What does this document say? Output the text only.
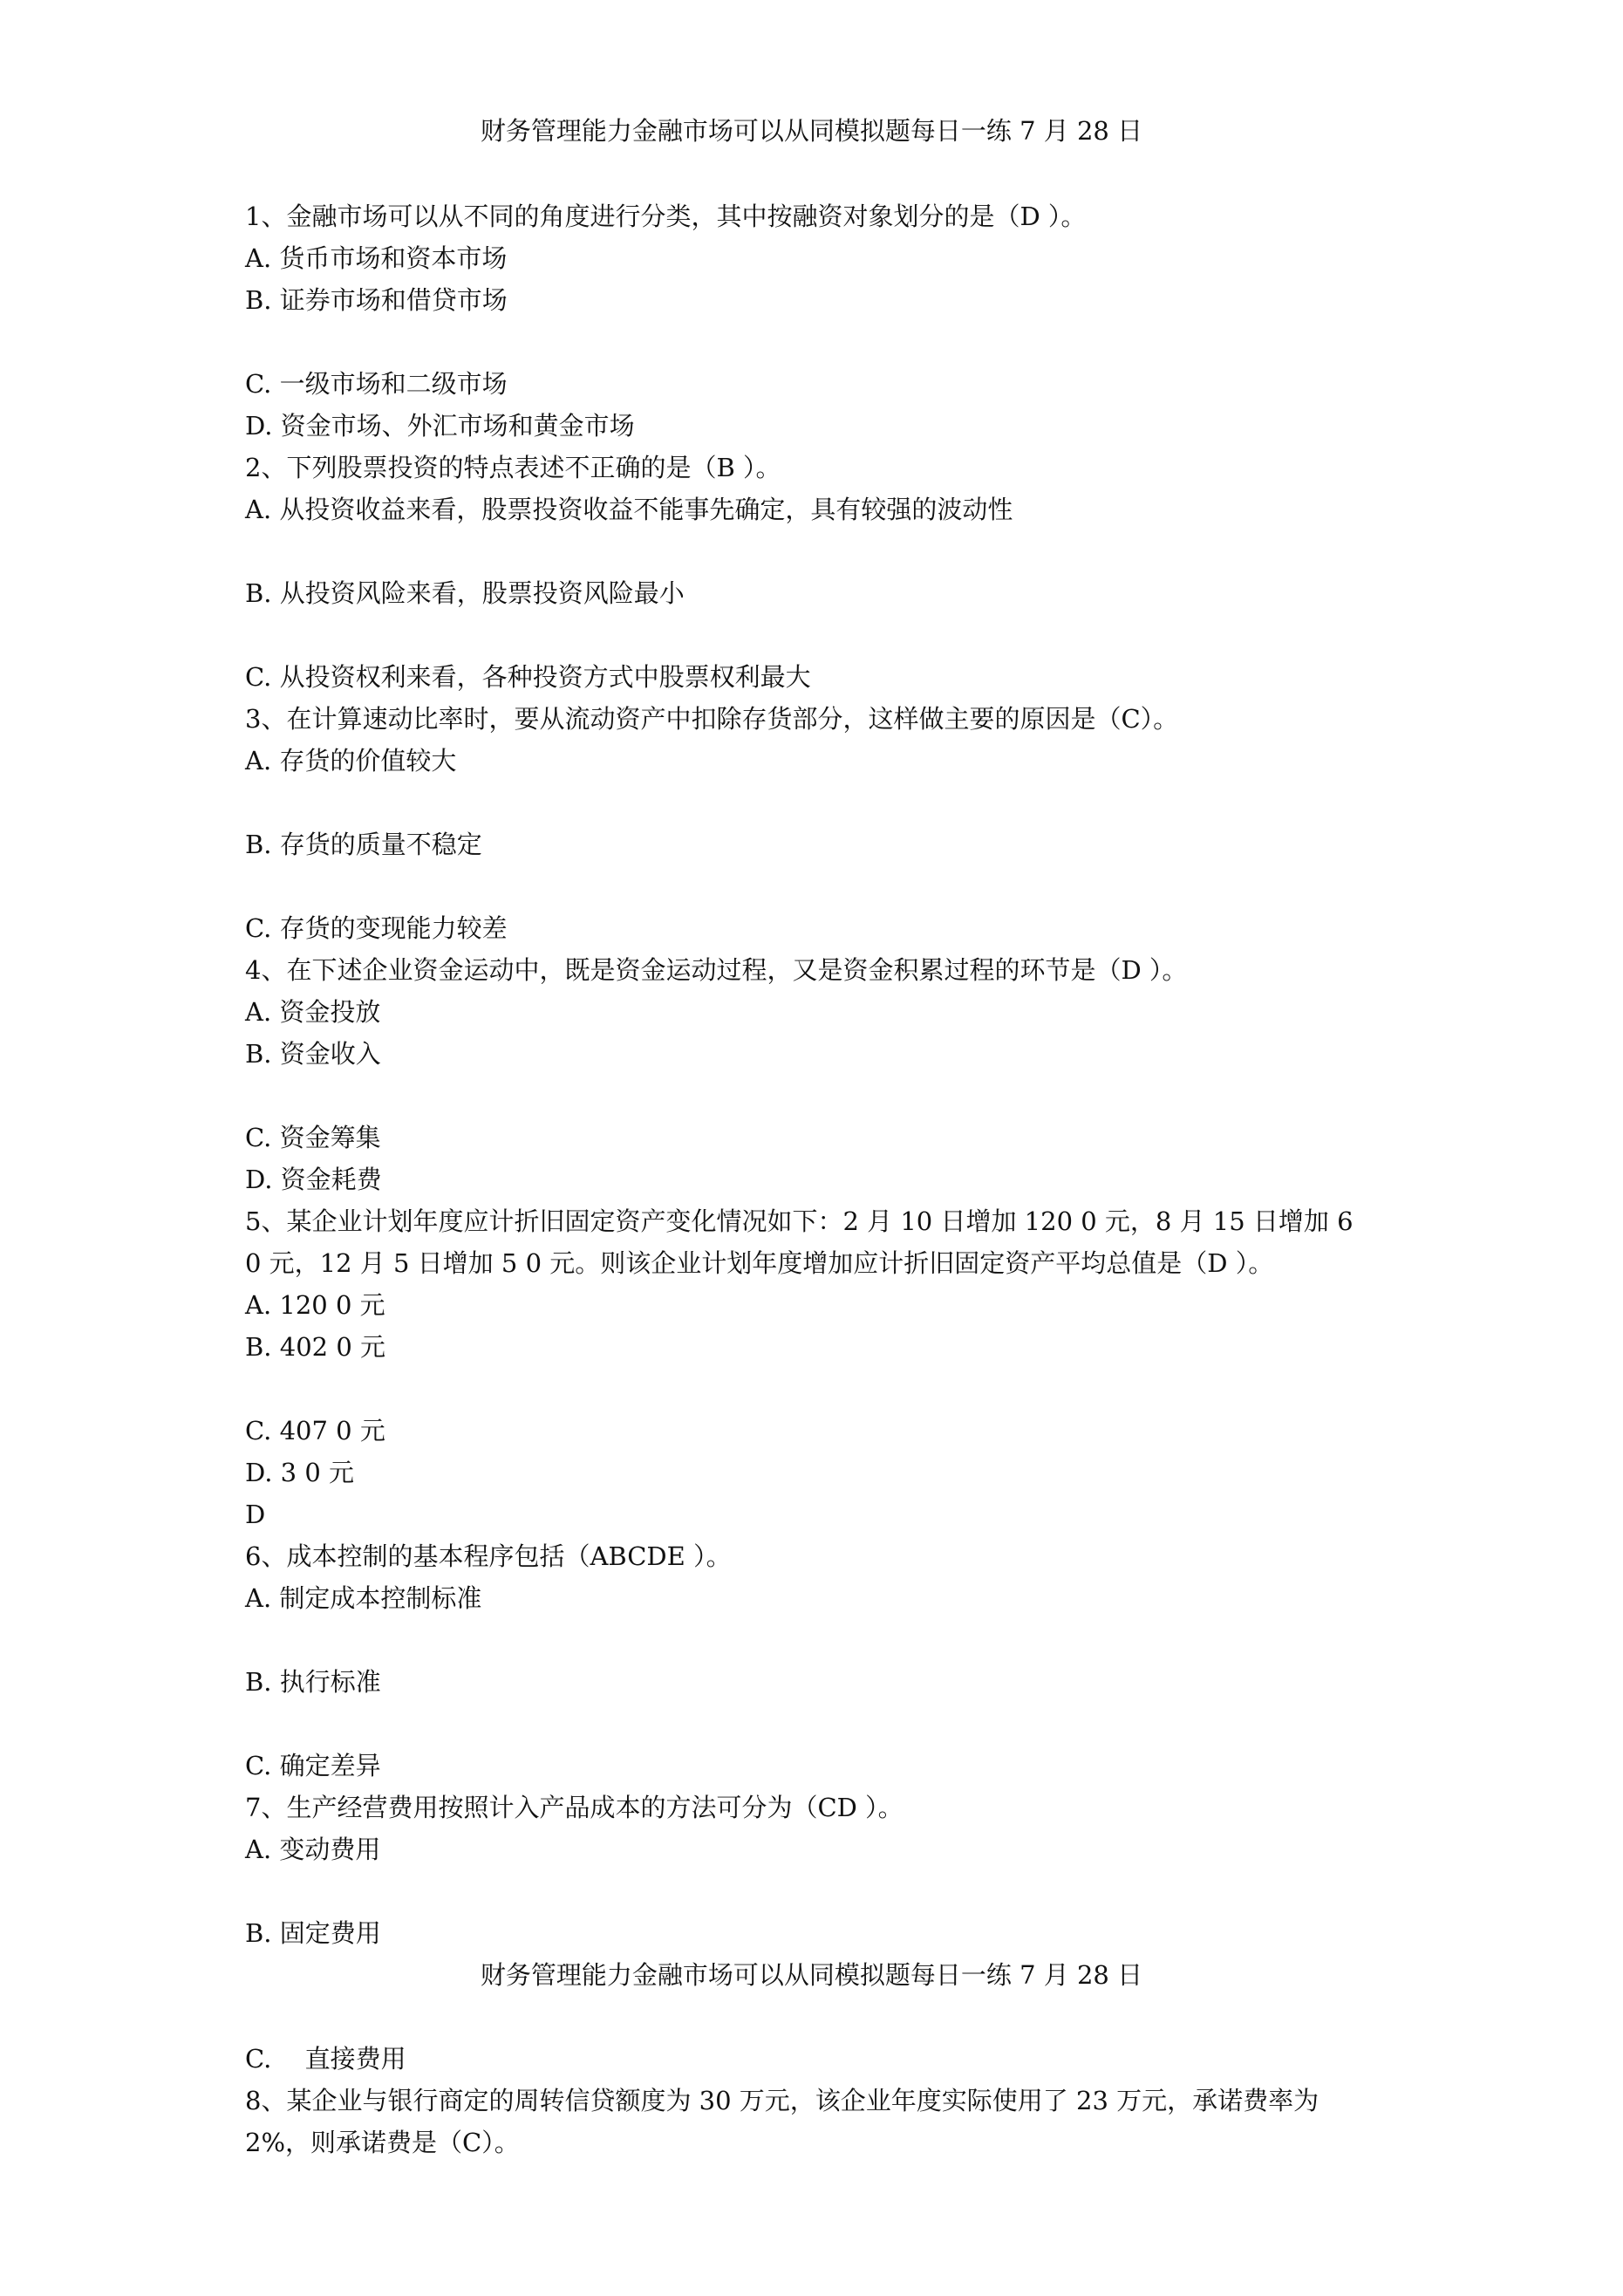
财务管理能力金融市场可以从同模拟题每日一练 7 月 28 日

1、金融市场可以从不同的角度进行分类，其中按融资对象划分的是（D ）。

A. 货币市场和资本市场

B. 证券市场和借贷市场

C. 一级市场和二级市场

D. 资金市场、外汇市场和黄金市场

2、下列股票投资的特点表述不正确的是（B ）。

A. 从投资收益来看，股票投资收益不能事先确定，具有较强的波动性

B. 从投资风险来看，股票投资风险最小

C. 从投资权利来看，各种投资方式中股票权利最大

3、在计算速动比率时，要从流动资产中扣除存货部分，这样做主要的原因是（C）。

A. 存货的价值较大

B. 存货的质量不稳定

C. 存货的变现能力较差

4、在下述企业资金运动中，既是资金运动过程，又是资金积累过程的环节是（D ）。

A. 资金投放

B. 资金收入

C. 资金筹集

D. 资金耗费

5、某企业计划年度应计折旧固定资产变化情况如下：2 月 10 日增加 120 0 元，8 月 15 日增加 6

0 元，12 月 5 日增加 5 0 元。则该企业计划年度增加应计折旧固定资产平均总值是（D ）。

A. 120 0 元

B. 402 0 元

C. 407 0 元

D. 3 0 元

D

6、成本控制的基本程序包括（ABCDE ）。

A. 制定成本控制标准

B. 执行标准

C. 确定差异

7、生产经营费用按照计入产品成本的方法可分为（CD ）。

A. 变动费用

B. 固定费用

财务管理能力金融市场可以从同模拟题每日一练 7 月 28 日

C.　 直接费用

8、某企业与银行商定的周转信贷额度为 30 万元，该企业年度实际使用了 23 万元，承诺费率为

2%，则承诺费是（C）。
